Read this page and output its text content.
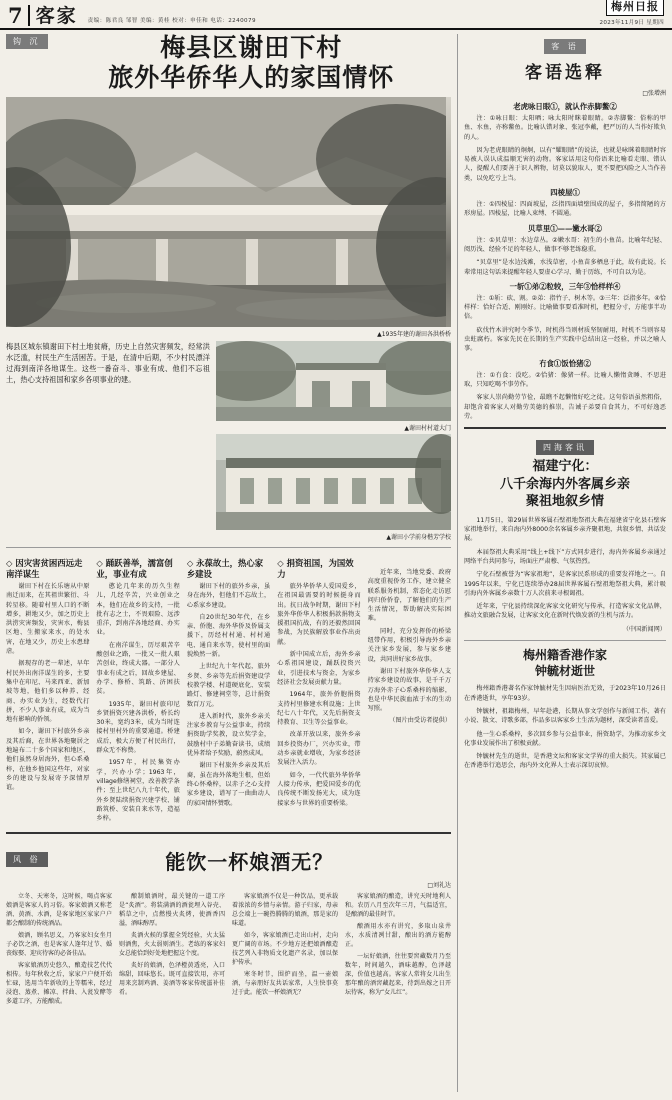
7 客家 责编：陈君良 邹智 美编：黄桂 校对：申佳和 电话：2240079
梅州日报
2023年11月9日 星期四
钩 沉	梅县区谢田下村
旅外华侨华人的家国情怀
▲1935年建的谢田各洪桥桥
梅县区城东镇谢田下村土地贫瘠，历史上自然灾害频发，经常洪水泛滥，村民生产生活困苦。于是，在清中后期，不少村民漂洋过海到南洋各地谋生。这些一番奋斗、事业有成、他们不忘祖土，热心支持祖国和家乡各项事业的建。
▲谢田村村道大门
▲谢田小学前身楷芳学校
◇ 因灾害贫困西远走南洋谋生

谢田下村在长乐塘从中原南迁而来，在其祖世繁衍、斗转星移。随着村里人口的不断增多，耕地又少，加之历史上洪涝灾害频发，灾害水，梅县区地、生搬家来水，的处水害，在地又少，历史上水患肆虐。

据现存的老一辈述，早年村民外出南洋谋生的多，主要集中在印尼、马来西亚、新加坡等地，他们多以种养、经商、办实业为生，经数代打拼，不少人事业有成，成为当地有影响的侨领。

如今，谢田下村旅外乡亲及其后裔，在世界各地聚居之地遍布二十多个国家和地区，他们虽然身居海外，但心系桑梓，在他乡他国这些年，对家乡的建设与发展寄予深情厚谊。

◇ 踊跃善举，濡富创业，事业有成

憨论几年来的历久生程儿，几经辛苦，兴业创业之本，他们在故乡的支持，一批批有志之士，不畏艰险、远涉重洋，到南洋各地经商、办实业。

在南洋谋生，历尽艰苦辛酸创业之路，一批又一批人艰苦创业，终成大器。一部分人事业有成之后，回故乡建屋、办学、修桥、筑路、济困扶贫。

1935年，谢田村旅印尼乡贤捐资兴建各洪桥，桥长约30米，宽约3米，成为当时连接村里村外的重要通道。桥建成后，极大方便了村民出行，群众无不称赞。

1957年，村民集资办学，兴办小学；1963年，village修缮祠堂，改善教学条件；至上世纪八九十年代，旅外乡贤陆续捐资兴建学校、铺路筑桥、安装自来水等，造福乡梓。

◇ 永葆故土，热心家乡建设

谢田下村的旅外乡亲，虽身在海外，但他们不忘故土，心系家乡建设。

自20世纪30年代，在乡亲、侨胞、海外华侨及侨属支援下，历经村村通、村村通电、通自来水等，使村里的面貌焕然一新。

上世纪九十年代起，旅外乡贤、乡亲等先后捐资建设学校教学楼、村道硬底化、安装路灯、修建祠堂等，总计捐资数百万元。

进入新时代，旅外乡亲关注家乡教育与公益事业，持续捐资助学奖教，设立奖学金，鼓励村中子弟勤奋读书，成绩优异者给予奖励，蔚然成风。

谢田下村旅外乡亲及其后裔，虽在海外落地生根，但始终心怀桑梓，以赤子之心支持家乡建设，谱写了一曲曲动人的家国情怀赞歌。

◇ 捐资祖国，为国效力

旅外华侨华人爱国爱乡，在祖国最需要的时候挺身而出。抗日战争时期，谢田下村旅外华侨华人积极捐款捐物支援祖国抗战，有的还毅然回国参战，为民族解放事业作出贡献。

新中国成立后，海外乡亲心系祖国建设，踊跃投资兴业，引进技术与资金，为家乡经济社会发展贡献力量。

1964年，旅外侨胞捐资支持村里修建水利设施；上世纪七八十年代，又先后捐资支持教育、卫生等公益事业。

改革开放以来，旅外乡亲回乡投资办厂，兴办实业，带动乡亲就业增收，为家乡经济发展注入活力。

如今，一代代旅外华侨华人接力传承，把爱国爱乡的优良传统不断发扬光大，成为连接家乡与世界的重要桥梁。

近年来，当地党委、政府高度重视侨务工作，建立健全联系服务机制，常态化走访慰问归侨侨眷，了解他们的生产生活情况，帮助解决实际困难。

同时，充分发挥侨的桥梁纽带作用，积极引导海外乡亲关注家乡发展，参与家乡建设，共同讲好家乡故事。

谢田下村旅外华侨华人支持家乡建设的故事，是千千万万海外赤子心系桑梓的缩影，也是中华民族血浓于水的生动写照。

（图片由受访者提供）

风 俗	能饮一杯娘酒无？
□刘礼达

立冬、天寒冬，这时候，喝点客家娘酒是客家人的习俗。客家娘酒又称老酒、黄酒、水酒，是客家地区家家户户都会酿制的传统酒品。

娘酒，顾名思义，乃客家妇女坐月子必饮之酒，也是客家人逢年过节、婚丧嫁娶、迎宾待客的必备佳品。

客家娘酒历史悠久，酿造技艺代代相传。每年秋收之后，家家户户便开始忙碌，选用当年新收的上等糯米，经过浸泡、蒸煮、摊凉、拌曲、入瓮发酵等多道工序，方能酿成。

酿制娘酒时，最关键的一道工序是“炙酒”。将装满酒的酒瓮埋入谷壳、稻草之中，点燃慢火炙烤，使酒香四溢，酒味醇厚。

炙酒火候的掌握全凭经验，火太猛则酒焦，火太弱则酒生。老练的客家妇女总能恰到好处地把握这个度。

炙好的娘酒，色泽橙黄透亮，入口绵甜，回味悠长。既可直接饮用，亦可用来烹制鸡酒、姜酒等客家传统滋补佳肴。

客家娘酒不仅是一种饮品，更承载着浓浓的乡情与亲情。游子归家，母亲总会端上一碗热腾腾的娘酒，那是家的味道。

如今，客家娘酒已走出山村，走向更广阔的市场。不少地方还把娘酒酿造技艺列入非物质文化遗产名录，加以保护传承。

寒冬时节，围炉而坐，温一壶娘酒，与亲朋好友共话家常，人生快事莫过于此。能饮一杯娘酒无？

客家娘酒的酿造，讲究天时地利人和。农历八月至次年三月，气温适宜，是酿酒的最佳时节。

酿酒用水亦有讲究，多取山泉井水，水质清冽甘甜，酿出的酒方能醇正。

一坛好娘酒，往往要窖藏数月乃至数年，时间越久，酒味越醇，色泽越深，价值也越高。客家人常将女儿出生那年酿的酒窖藏起来，待到出嫁之日开坛待客，称为“女儿红”。

客 语
客语选释
□张增洲
老虎咏日眼①，就认作赤脚鳖②
注：①咏日眼：太阳晒；咏太阳时眯着眼睛。②赤脚鳖：俗称的甲鱼、水鱼，亦称鳖鱼。比喻认错对象、张冠李戴，把严厉的人当作好欺负的人。
因为老虎眼睛的炯炯，以有“耀眼睛”的说法，也就是咏眯着眼睛时容易被人误认成温顺无害的动物。客家话用这句俗语来比喻看走眼、错认人，提醒人们要善于识人辨物，切莫以貌取人，更不要把凶险之人当作善类，以免吃亏上当。
四棱屋①
注：①四棱屋：四面坡屋，泛指四面墙壁围成的屋子，多指简陋的方形房屋。四棱屋，比喻人束缚、不圆通。
贝草里①——嫩水哥②
注：①贝草里：水边草丛。②嫩水哥：初生的小鱼苗。比喻年纪轻、阅历浅、经验不足的年轻人，做事不够老练稳重。
“贝草里”是水边浅滩，水浅草密，小鱼苗多栖息于此，故有此说。长辈常用这句话来提醒年轻人要虚心学习、勤于历练，不可自以为是。
一斩①弟②粒较，三年③恰样样④
注：①斩：砍、割。②弟：指竹子、树木等。③三年：泛指多年。④恰样样：恰好合适、刚刚好。比喻做事要看准时机，把握分寸，方能事半功倍。
砍伐竹木讲究时令季节，时机得当则材质坚韧耐用，时机不当则容易虫蛀腐朽。客家先民在长期的生产实践中总结出这一经验，并以之喻人事。
冇食①饭恰猪②
注：①冇食：没吃。②恰猪：像猪一样。比喻人懒惰贪睡、不思进取，只知吃喝不事劳作。
客家人崇尚勤劳节俭，最瞧不起懒惰好吃之徒。这句俗语虽然粗俗，却饱含着客家人对勤劳美德的推崇，告诫子弟要自食其力，不可好逸恶劳。
四海客讯
福建宁化：
八千余海内外客属乡亲
聚祖地叙乡情
11月5日，第29届世界客属石壁祖地祭祖大典在福建省宁化县石壁客家祖地举行，来自海内外8000余名客属乡亲齐聚祖地，共叙乡情、共话发展。
本届祭祖大典采用“线上+线下”方式同步进行，海内外客属乡亲通过网络平台共同参与，场面庄严肃穆、气氛热烈。
宁化石壁被誉为“客家祖地”，是客家民系形成的重要发祥地之一。自1995年以来，宁化已连续举办28届世界客属石壁祖地祭祖大典，累计吸引海内外客属乡亲数十万人次前来寻根谒祖。
近年来，宁化县持续深化客家文化研究与传承，打造客家文化品牌，推动文旅融合发展，让客家文化在新时代焕发新的生机与活力。
（中国新闻网）
梅州籍香港作家
钟毓材逝世
梅州籍香港著名作家钟毓材先生因病医治无效，于2023年10月26日在香港逝世，享年93岁。
钟毓材，祖籍梅州，早年赴港，长期从事文学创作与新闻工作，著有小说、散文、诗歌多部，作品多以客家乡土生活为题材，深受读者喜爱。
他一生心系桑梓，多次回乡参与公益事业，捐资助学，为推动家乡文化事业发展作出了积极贡献。
钟毓材先生的逝世，是香港文坛和客家文学界的重大损失。其家属已在香港举行追思会，海内外文化界人士表示深切哀悼。
